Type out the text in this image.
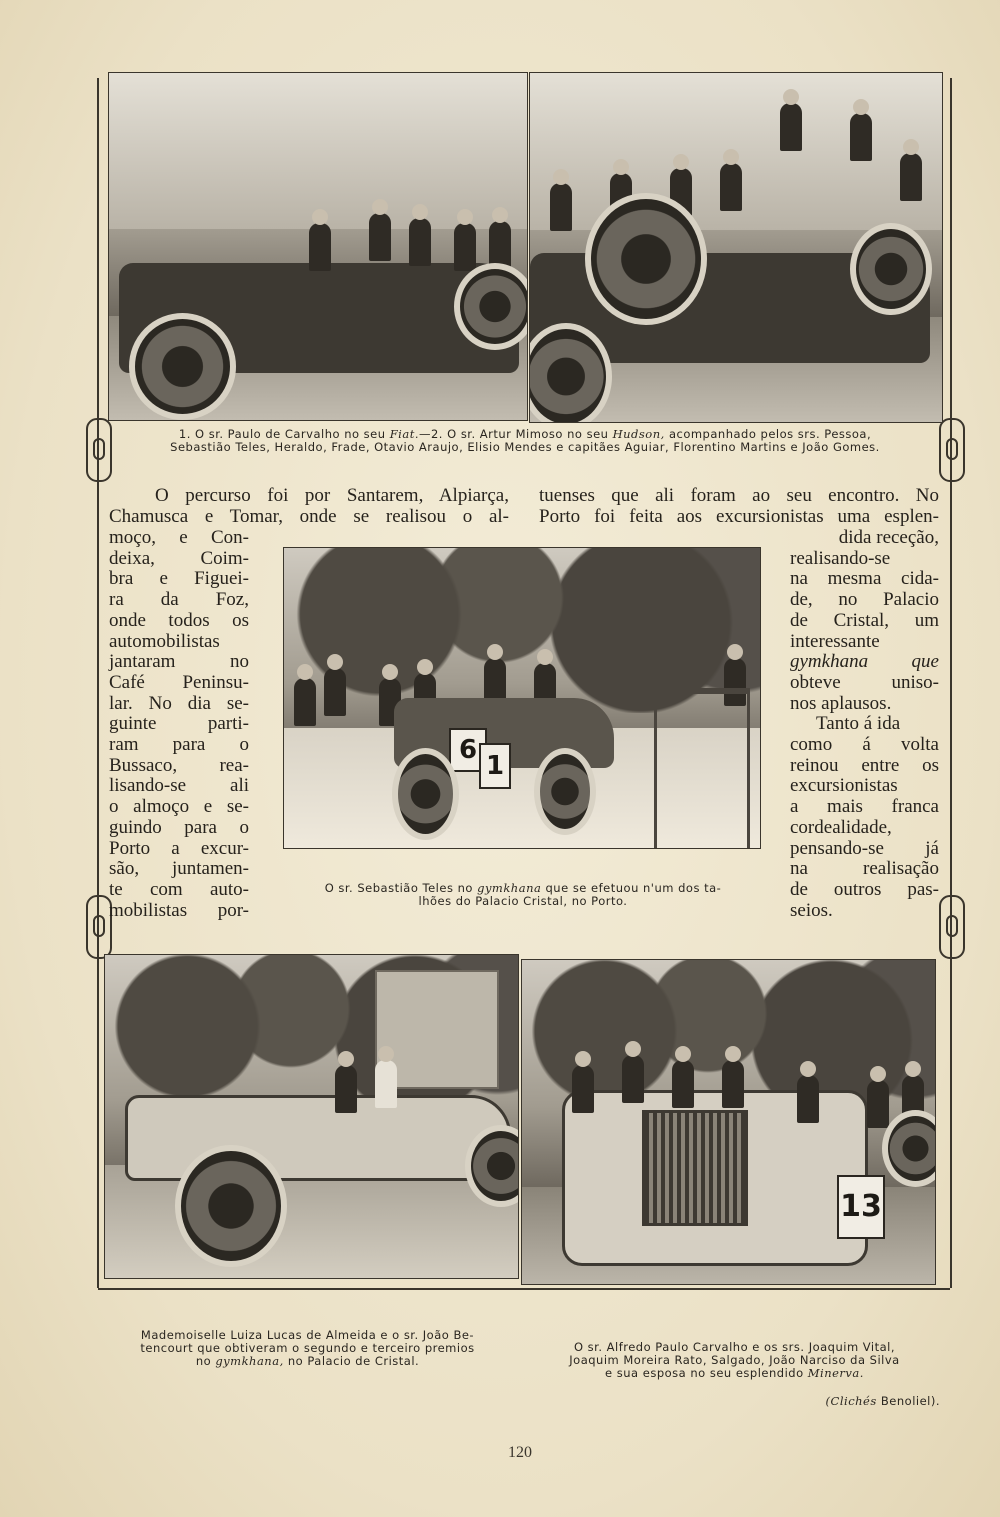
1. O sr. Paulo de Carvalho no seu Fiat.—2. O sr. Artur Mimoso no seu Hudson, acompanhado pelos srs. Pessoa,
Sebastião Teles, Heraldo, Frade, Otavio Araujo, Elisio Mendes e capitães Aguiar, Florentino Martins e João Gomes.
O percurso foi por Santarem, Alpiarça,
Chamusca e Tomar, onde se realisou o al-
tuenses que ali foram ao seu encontro. No
Porto foi feita aos excursionistas uma esplen-
moço, e Con-
deixa, Coim-
bra e Figuei-
ra da Foz,
onde todos os
automobilistas
jantaram no
Café Peninsu-
lar. No dia se-
guinte parti-
ram para o
Bussaco, rea-
lisando-se ali
o almoço e se-
guindo para o
Porto a excur-
são, juntamen-
te com auto-
mobilistas por-
6
1
dida receção,
realisando-se
na mesma cida-
de, no Palacio
de Cristal, um
interessante
gymkhana que
obteve uniso-
nos aplausos.
Tanto á ida
como á volta
reinou entre os
excursionistas
a mais franca
cordealidade,
pensando-se já
na realisação
de outros pas-
seios.
O sr. Sebastião Teles no gymkhana que se efetuou n'um dos ta-
lhões do Palacio Cristal, no Porto.
13
Mademoiselle Luiza Lucas de Almeida e o sr. João Be-
tencourt que obtiveram o segundo e terceiro premios
no gymkhana, no Palacio de Cristal.
O sr. Alfredo Paulo Carvalho e os srs. Joaquim Vital,
Joaquim Moreira Rato, Salgado, João Narciso da Silva
e sua esposa no seu esplendido Minerva.
(Clichés Benoliel).
120
